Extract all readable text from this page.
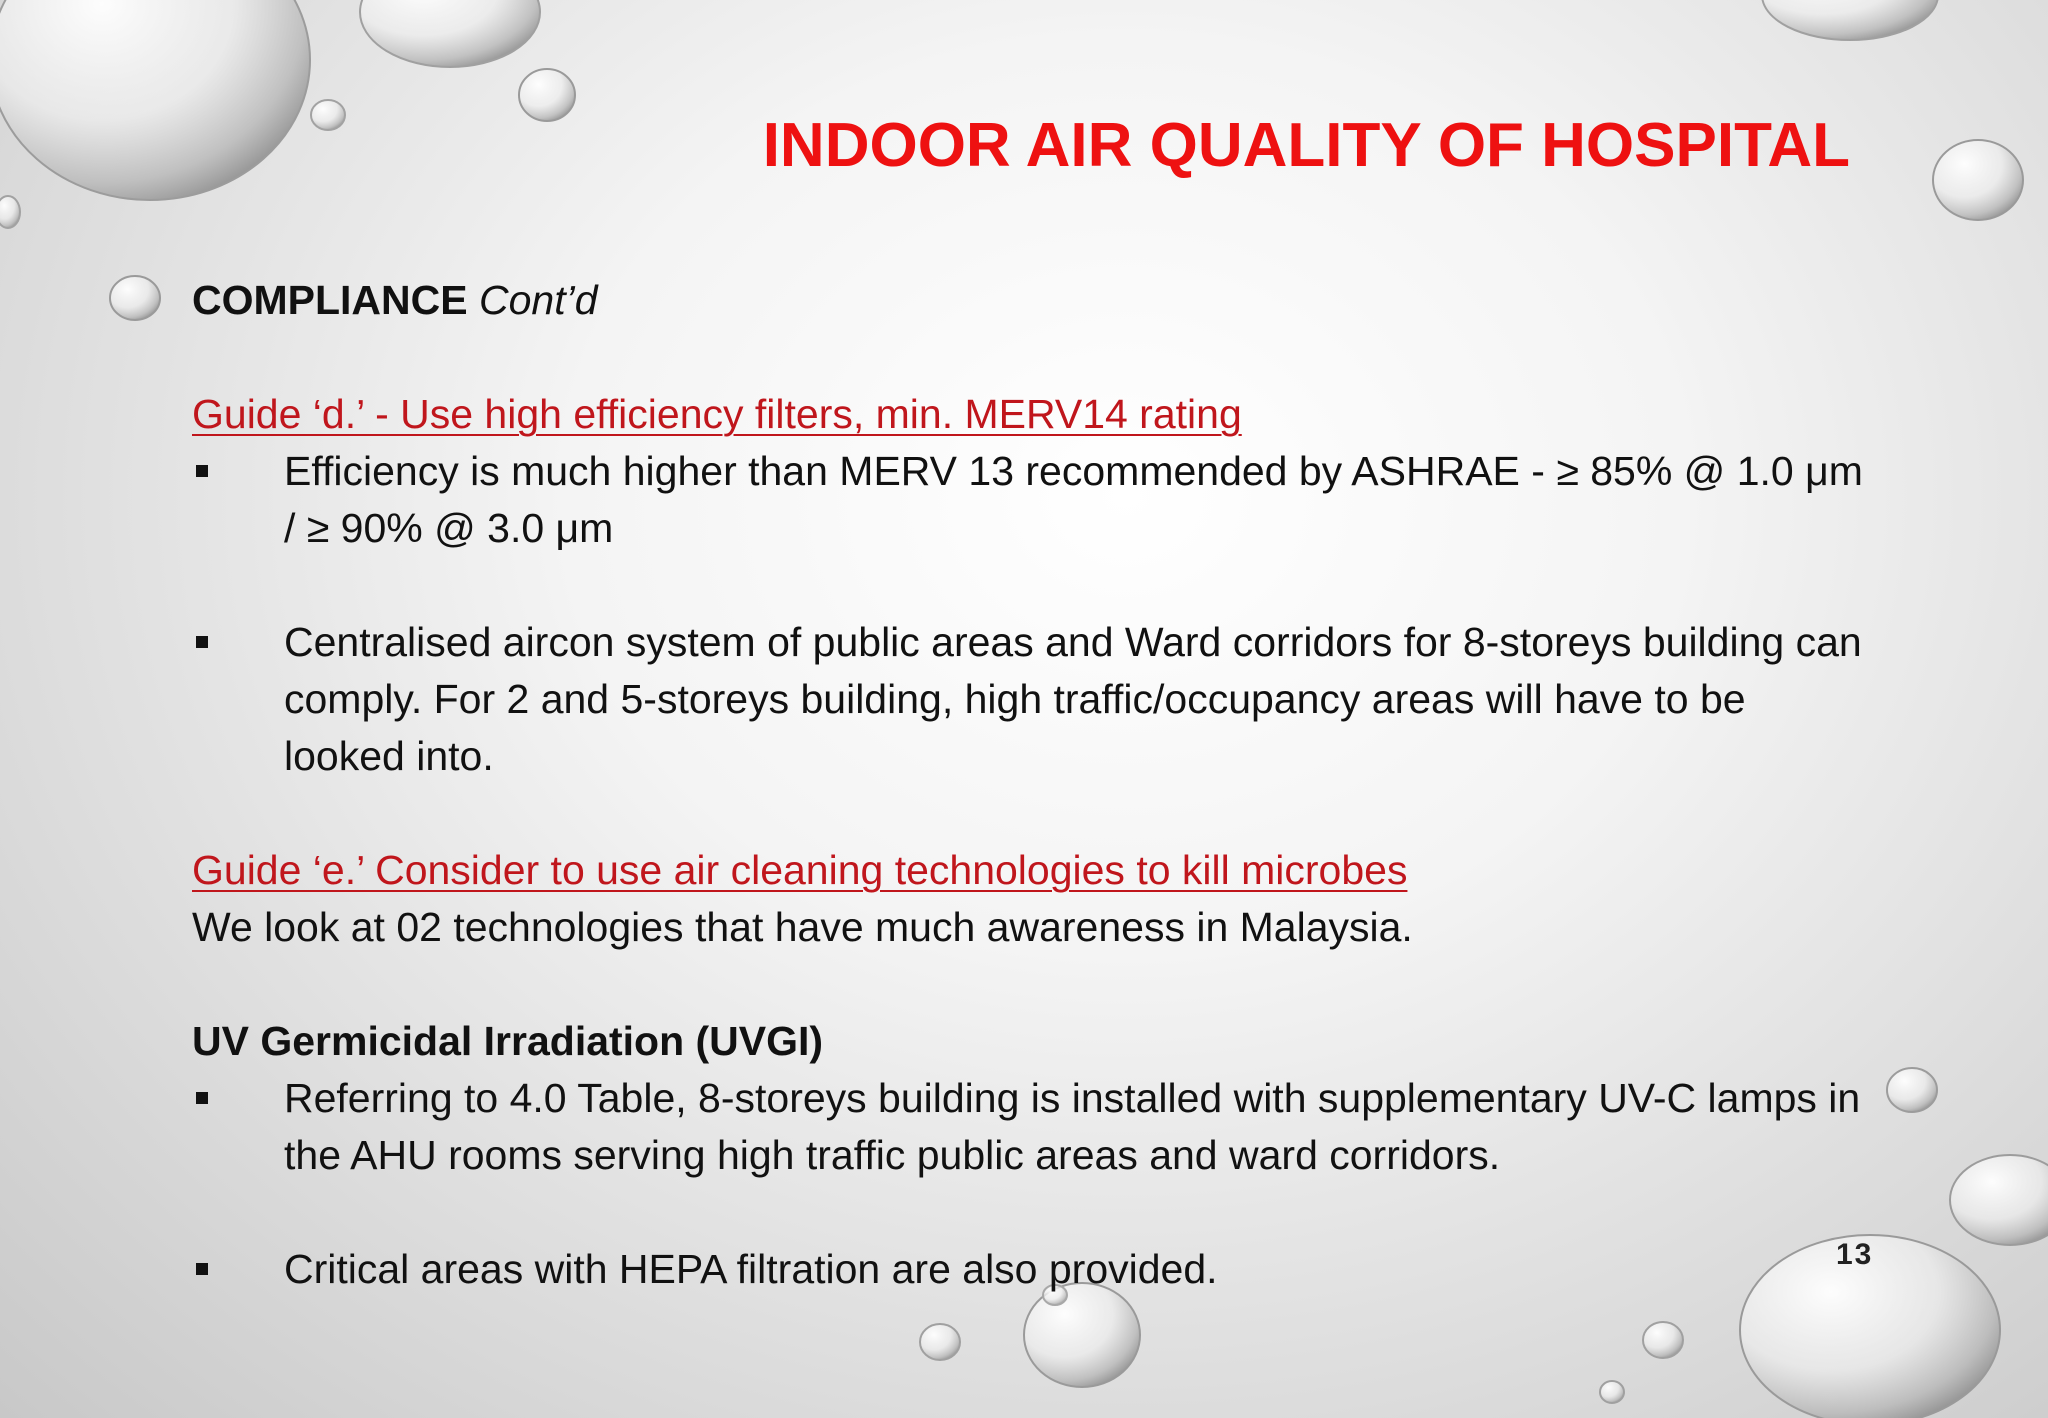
INDOOR AIR QUALITY OF HOSPITAL

COMPLIANCE Cont’d

Guide ‘d.’ - Use high efficiency filters, min. MERV14 rating

Efficiency is much higher than MERV 13 recommended by ASHRAE - ≥ 85% @ 1.0 μm / ≥ 90% @ 3.0 μm
Centralised aircon system of public areas and Ward corridors for 8-storeys building can comply. For 2 and 5-storeys building, high traffic/occupancy areas will have to be looked into.

Guide ‘e.’ Consider to use air cleaning technologies to kill microbes

We look at 02 technologies that have much awareness in Malaysia.

UV Germicidal Irradiation (UVGI)

Referring to 4.0 Table, 8-storeys building is installed with supplementary UV-C lamps in the AHU rooms serving high traffic public areas and ward corridors.
Critical areas with HEPA filtration are also provided.	13
